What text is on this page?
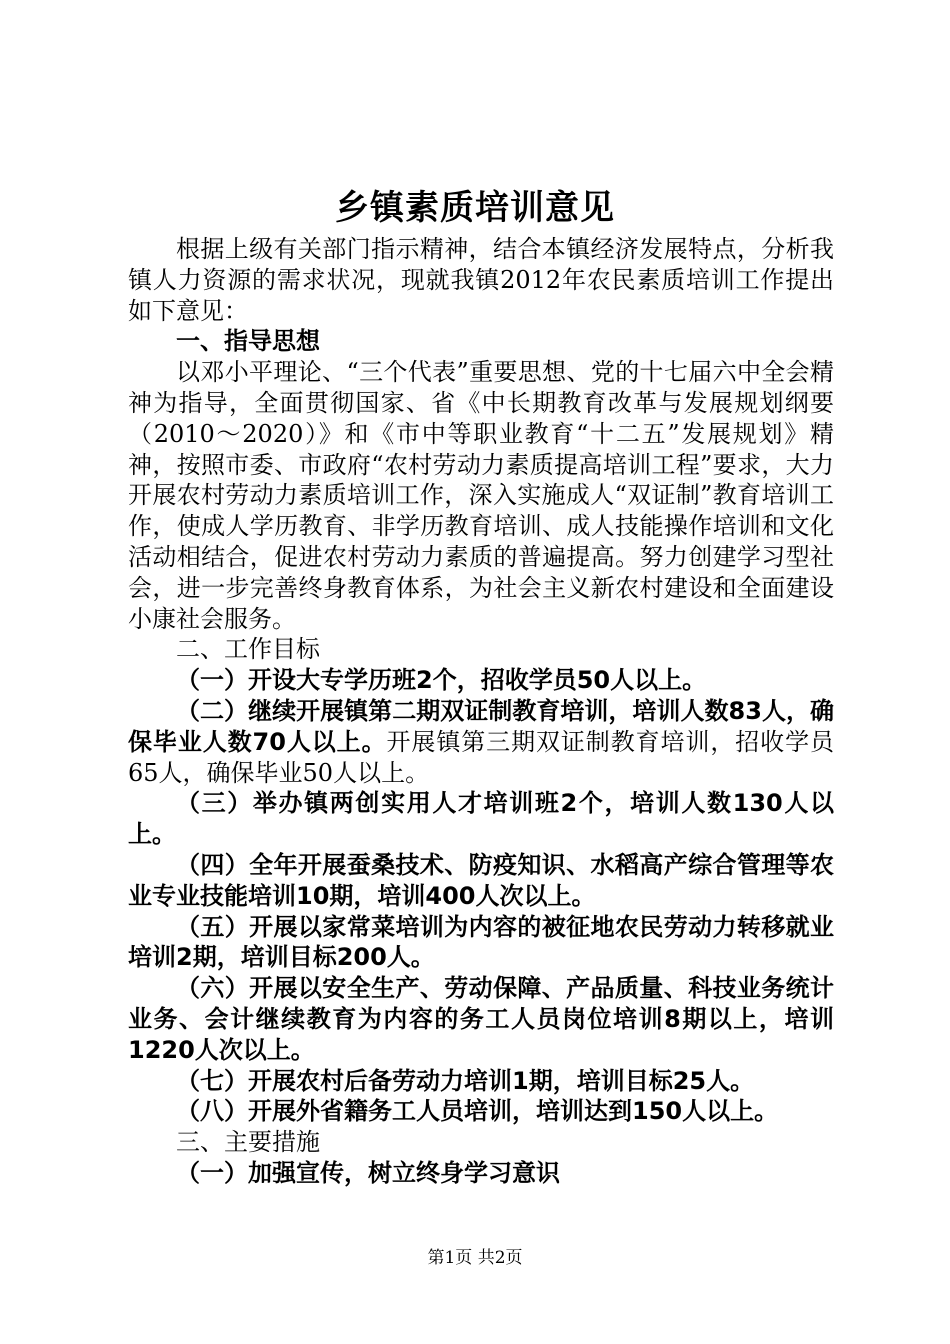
乡镇素质培训意见

根据上级有关部门指示精神，结合本镇经济发展特点，分析我镇人力资源的需求状况，现就我镇2012年农民素质培训工作提出如下意见：

一、指导思想

以邓小平理论、“三个代表”重要思想、党的十七届六中全会精神为指导，全面贯彻国家、省《中长期教育改革与发展规划纲要（2010～2020）》和《市中等职业教育“十二五”发展规划》精神，按照市委、市政府“农村劳动力素质提高培训工程”要求，大力开展农村劳动力素质培训工作，深入实施成人“双证制”教育培训工作，使成人学历教育、非学历教育培训、成人技能操作培训和文化活动相结合，促进农村劳动力素质的普遍提高。努力创建学习型社会，进一步完善终身教育体系，为社会主义新农村建设和全面建设小康社会服务。

二、工作目标

（一）开设大专学历班2个，招收学员50人以上。

（二）继续开展镇第二期双证制教育培训，培训人数83人，确保毕业人数70人以上。开展镇第三期双证制教育培训，招收学员65人，确保毕业50人以上。

（三）举办镇两创实用人才培训班2个，培训人数130人以上。

（四）全年开展蚕桑技术、防疫知识、水稻高产综合管理等农业专业技能培训10期，培训400人次以上。

（五）开展以家常菜培训为内容的被征地农民劳动力转移就业培训2期，培训目标200人。

（六）开展以安全生产、劳动保障、产品质量、科技业务统计业务、会计继续教育为内容的务工人员岗位培训8期以上，培训1220人次以上。

（七）开展农村后备劳动力培训1期，培训目标25人。

（八）开展外省籍务工人员培训，培训达到150人以上。

三、主要措施

（一）加强宣传，树立终身学习意识

第1页 共2页
